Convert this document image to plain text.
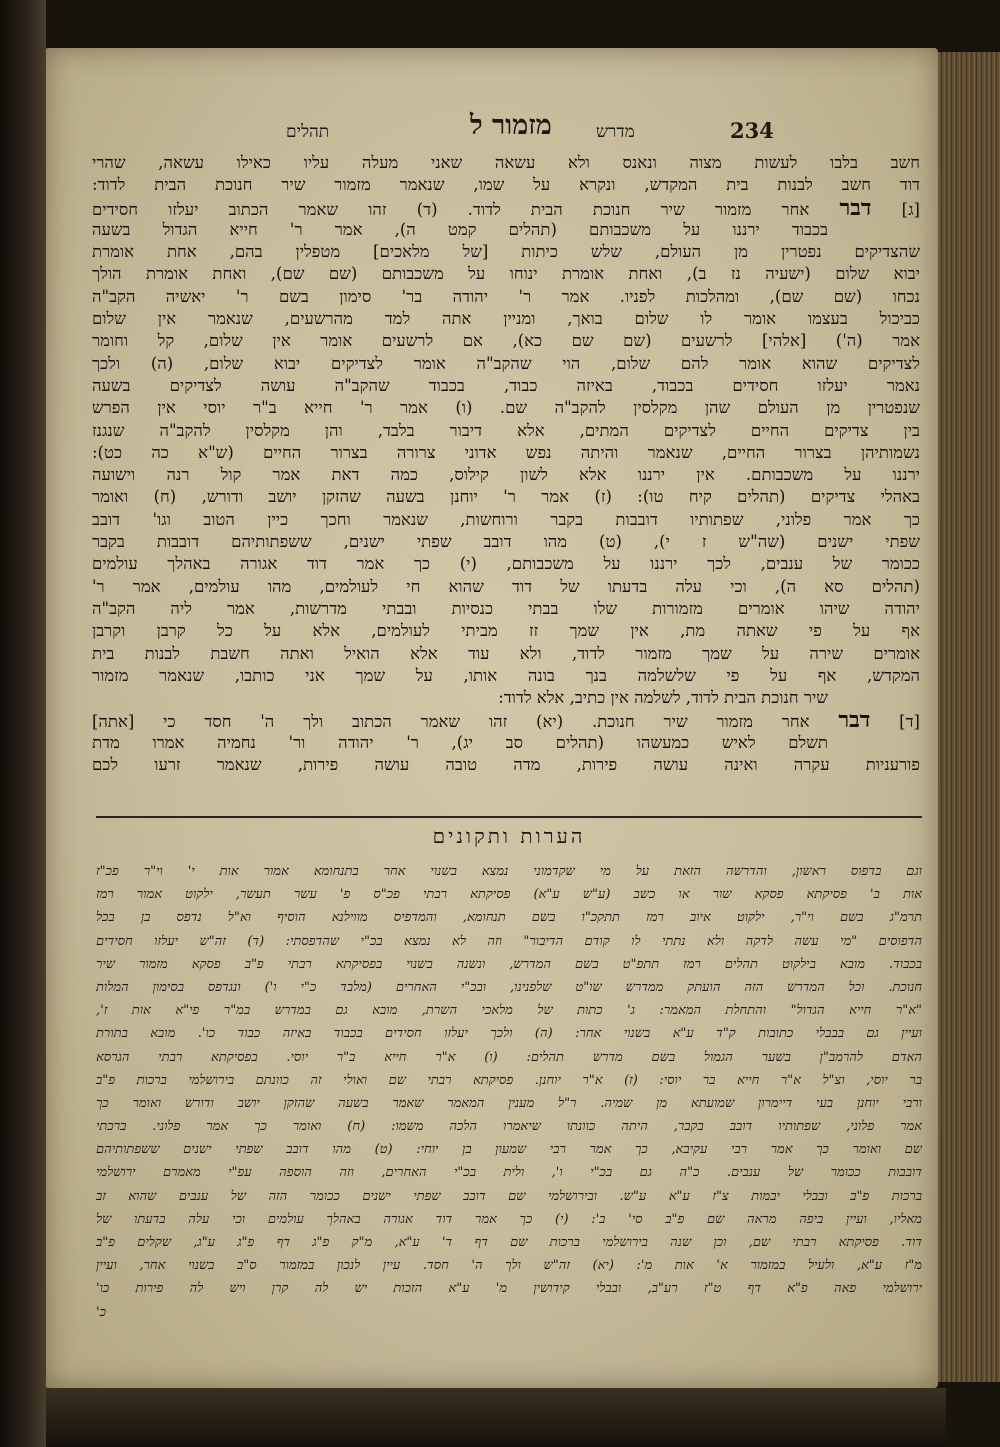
234
מדרש
מזמור ל
תהלים
חשב בלבו לעשות מצוה ונאנס ולא עשאה שאני מעלה עליו כאילו עשאה, שהרי
דוד חשב לבנות בית המקדש, ונקרא על שמו, שנאמר מזמור שיר חנוכת הבית לדוד:
[ג] דבר אחר מזמור שיר חנוכת הבית לדוד. (ד) זהו שאמר הכתוב יעלזו חסידים
בכבוד ירננו על משכבותם (תהלים קמט ה), אמר ר' חייא הגדול בשעה
שהצדיקים נפטרין מן העולם, שלש כיתות [של מלאכים] מטפלין בהם, אחת אומרת
יבוא שלום (ישעיה נז ב), ואחת אומרת ינוחו על משכבותם (שם שם), ואחת אומרת הולך
נכחו (שם שם), ומהלכות לפניו. אמר ר' יהודה בר' סימון בשם ר' יאשיה הקב"ה
כביכול בעצמו אומר לו שלום בואך, ומניין אתה למד מהרשעים, שנאמר אין שלום
אמר (ה') [אלהי] לרשעים (שם שם כא), אם לרשעים אומר אין שלום, קל וחומר
לצדיקים שהוא אומר להם שלום, הוי שהקב"ה אומר לצדיקים יבוא שלום, (ה) ולכך
נאמר יעלזו חסידים בכבוד, באיזה כבוד, בכבוד שהקב"ה עושה לצדיקים בשעה
שנפטרין מן העולם שהן מקלסין להקב"ה שם. (ו) אמר ר' חייא ב"ר יוסי אין הפרש
בין צדיקים החיים לצדיקים המתים, אלא דיבור בלבד, והן מקלסין להקב"ה שנגנז
נשמותיהן בצרור החיים, שנאמר והיתה נפש אדוני צרורה בצרור החיים (ש"א כה כט):
ירננו על משכבותם. אין ירננו אלא לשון קילוס, כמה דאת אמר קול רנה וישועה
באהלי צדיקים (תהלים קיח טו): (ז) אמר ר' יוחנן בשעה שהזקן יושב ודורש, (ח) ואומר
כך אמר פלוני, שפתותיו דובבות בקבר ורוחשות, שנאמר וחכך כיין הטוב וגו' דובב
שפתי ישנים (שה"ש ז י), (ט) מהו דובב שפתי ישנים, ששפתותיהם דובבות בקבר
ככומר של ענבים, לכך ירננו על משכבותם, (י) כך אמר דוד אגורה באהלך עולמים
(תהלים סא ה), וכי עלה בדעתו של דוד שהוא חי לעולמים, מהו עולמים, אמר ר'
יהודה שיהו אומרים מזמורות שלו בבתי כנסיות ובבתי מדרשות, אמר ליה הקב"ה
אף על פי שאתה מת, אין שמך זז מביתי לעולמים, אלא על כל קרבן וקרבן
אומרים שירה על שמך מזמור לדוד, ולא עוד אלא הואיל ואתה חשבת לבנות בית
המקדש, אף על פי שלשלמה בנך בונה אותו, על שמך אני כותבו, שנאמר מזמור
שיר חנוכת הבית לדוד, לשלמה אין כתיב, אלא לדוד:
[ד] דבר אחר מזמור שיר חנוכת. (יא) זהו שאמר הכתוב ולך ה' חסד כי [אתה]
תשלם לאיש כמעשהו (תהלים סב יג), ר' יהודה ור' נחמיה אמרו מדת
פורעניות עקרה ואינה עושה פירות, מדה טובה עושה פירות, שנאמר זרעו לכם
הערות ותקונים
וגם בדפוס ראשון, והדרשה הזאת על מי שקדמוני נמצא בשנוי אחר בתנחומא אמור אות י' וי"ר פכ"ז
אות ב' פסיקתא פסקא שור או כשב (ע"ש ע"א) פסיקתא רבתי פכ"ס פ' עשר תעשר, ילקוט אמור רמז
תרמ"ג בשם וי"ר, ילקוט איוב רמז תתקכ"ו בשם תנחומא, והמדפיס מווילנא הוסיף וא"ל נדפס בן בכל
הדפוסים "מי עשה לדקה ולא נתתי לו קודם הדיבור" וזה לא נמצא בכ"י שהדפסתי: (ד) זה"ש יעלזו חסידים
בכבוד. מובא בילקוט תהלים רמז תתפ"ט בשם המדרש, ונשנה בשנוי בפסיקתא רבתי פ"ב פסקא מזמור שיר
חנוכת. וכל המדרש הזה הועתק ממדרש שו"ט שלפנינו, ובכ"י האחרים (מלבד כ"י ו') ונגדפס בסימון המלות
"א"ר חייא הגדול" והתחלת המאמר: ג' כתות של מלאכי השרת, מובא גם במדרש במ"ר פי"א אות ז',
ועיין גם בבבלי כתובות ק"ד ע"א בשנוי אחר: (ה) ולכך יעלזו חסידים בכבוד באיזה כבוד כו'. מובא בתורת
האדם להרמב"ן בשער הגמול בשם מדרש תהלים: (ו) א"ר חייא ב"ר יוסי. בפסיקתא רבתי הגרסא
בר יוסי, וצ"ל א"ר חייא בר יוסי: (ז) א"ר יוחנן. פסיקתא רבתי שם ואולי זה כוונתם בירושלמי ברכות פ"ב
ורבי יוחנן בעי דיימרון שמועתא מן שמיה. ר"ל מענין המאמר שאמר בשעה שהזקן יושב ודורש ואומר כך
אמר פלוני, שפתותיו דובב בקבר, היתה כוונתו שיאמרו הלכה משמו: (ח) ואומר כך אמר פלוני. ברכתי
שם ואומר כך אמר רבי עקיבא, כך אמר רבי שמעון בן יוחי: (ט) מהו דובב שפתי ישנים ששפתותיהם
דובבות ככומר של ענבים. כ"ה גם בכ"י ו', ולית בכ"י האחרים, וזה הוספה עפ"י מאמרם ירושלמי
ברכות פ"ב ובבלי יבמות צ"ז ע"א ע"ש. ובירושלמי שם דובב שפתי ישנים ככומר הזה של ענבים שהוא זב
מאליו, ועיין ביפה מראה שם פ"ב סי' ב': (י) כך אמר דוד אגורה באהלך עולמים וכי עלה בדעתו של
דוד. פסיקתא רבתי שם, וכן שנה בירושלמי ברכות שם דף ד' ע"א, מ"ק פ"ג דף פ"ג ע"ג, שקלים פ"ב
מ"ז ע"א, ולעיל במזמור א' אות מ': (יא) זה"ש ולך ה' חסד. עיין לנכון במזמור ס"ב בשנוי אחר, ועיין
ירושלמי פאה פ"א דף ט"ז רע"ב, ובבלי קידושין מ' ע"א הזכות יש לה קרן ויש לה פירות כו'
כ'
